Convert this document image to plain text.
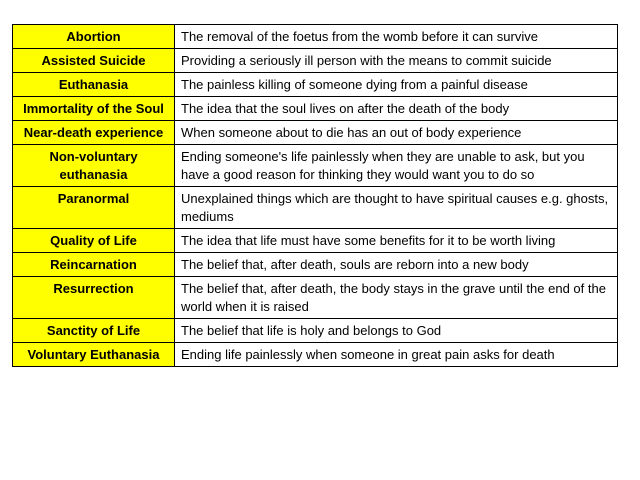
Abortion	The removal of the foetus from the womb before it can survive
Assisted Suicide	Providing a seriously ill person with the means to commit suicide
Euthanasia	The painless killing of someone dying from a painful disease
Immortality of the Soul	The idea that the soul lives on after the death of the body
Near-death experience	When someone about to die has an out of body experience
Non-voluntary euthanasia	Ending someone's life painlessly when they are unable to ask, but you have a good reason for thinking they would want you to do so
Paranormal	Unexplained things which are thought to have spiritual causes e.g. ghosts, mediums
Quality of Life	The idea that life must have some benefits for it to be worth living
Reincarnation	The belief that, after death, souls are reborn into a new body
Resurrection	The belief that, after death, the body stays in the grave until the end of the world when it is raised
Sanctity of Life	The belief that life is holy and belongs to God
Voluntary Euthanasia	Ending life painlessly when someone in great pain asks for death
